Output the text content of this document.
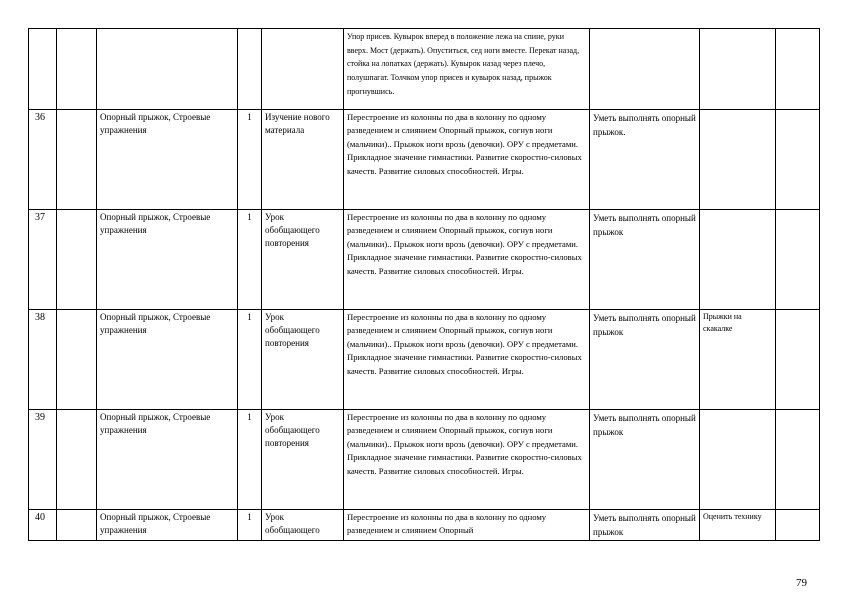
					Упор присев. Кувырок вперед в положение лежа на спине, руки вверх. Мост (держать). Опуститься, сед ноги вместе. Перекат назад, стойка на лопатках (держать). Кувырок назад через плечо, полушпагат. Толчком упор присев и кувырок назад, прыжок прогнувшись.			
36		Опорный прыжок, Строевые упражнения	1	Изучение нового материала	Перестроение из колонны по два в колонну по одному разведением и слиянием Опорный прыжок, согнув ноги (мальчики).. Прыжок ноги врозь (девочки). ОРУ с предметами. Прикладное значение гимнастики. Развитие скоростно-силовых качеств. Развитие силовых способностей. Игры.	Уметь выполнять опорный прыжок.		
37		Опорный прыжок, Строевые упражнения	1	Урок обобщающего повторения	Перестроение из колонны по два в колонну по одному разведением и слиянием Опорный прыжок, согнув ноги (мальчики).. Прыжок ноги врозь (девочки). ОРУ с предметами. Прикладное значение гимнастики. Развитие скоростно-силовых качеств. Развитие силовых способностей. Игры.	Уметь выполнять опорный прыжок		
38		Опорный прыжок, Строевые упражнения	1	Урок обобщающего повторения	Перестроение из колонны по два в колонну по одному разведением и слиянием Опорный прыжок, согнув ноги (мальчики).. Прыжок ноги врозь (девочки). ОРУ с предметами. Прикладное значение гимнастики. Развитие скоростно-силовых качеств. Развитие силовых способностей. Игры.	Уметь выполнять опорный прыжок	Прыжки на скакалке	
39		Опорный прыжок, Строевые упражнения	1	Урок обобщающего повторения	Перестроение из колонны по два в колонну по одному разведением и слиянием Опорный прыжок, согнув ноги (мальчики).. Прыжок ноги врозь (девочки). ОРУ с предметами. Прикладное значение гимнастики. Развитие скоростно-силовых качеств. Развитие силовых способностей. Игры.	Уметь выполнять опорный прыжок		
40		Опорный прыжок, Строевые упражнения	1	Урок обобщающего	Перестроение из колонны по два в колонну по одному разведением и слиянием Опорный	Уметь выполнять опорный прыжок	Оценить технику	
79
